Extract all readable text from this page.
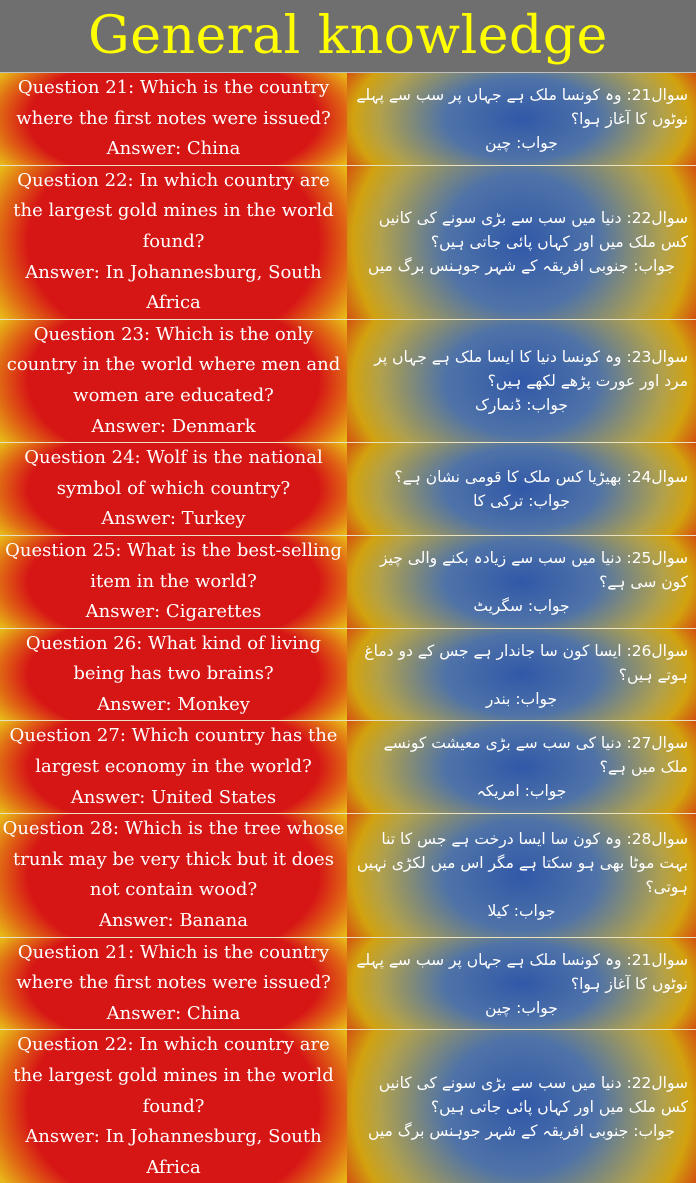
General knowledge
Question 21: Which is the country where the first notes were issued?
Answer: China
سوال21: وہ کونسا ملک ہے جہاں پر سب سے پہلے نوٹوں کا آغاز ہوا؟
جواب: چین
Question 22: In which country are the largest gold mines in the world found?
Answer: In Johannesburg, South Africa
سوال22: دنیا میں سب سے بڑی سونے کی کانیں کس ملک میں اور کہاں پائی جاتی ہیں؟
جواب: جنوبی افریقہ کے شہر جوہنس برگ میں
Question 23: Which is the only country in the world where men and women are educated?
Answer: Denmark
سوال23: وہ کونسا دنیا کا ایسا ملک ہے جہاں پر مرد اور عورت پڑھے لکھے ہیں؟
جواب: ڈنمارک
Question 24: Wolf is the national symbol of which country?
Answer: Turkey
سوال24: بھیڑیا کس ملک کا قومی نشان ہے؟
جواب: ترکی کا
Question 25: What is the best-selling item in the world?
Answer: Cigarettes
سوال25: دنیا میں سب سے زیادہ بکنے والی چیز کون سی ہے؟
جواب: سگریٹ
Question 26: What kind of living being has two brains?
Answer: Monkey
سوال26: ایسا کون سا جاندار ہے جس کے دو دماغ ہوتے ہیں؟
جواب: بندر
Question 27: Which country has the largest economy in the world?
Answer: United States
سوال27: دنیا کی سب سے بڑی معیشت کونسے ملک میں ہے؟
جواب: امریکہ
Question 28: Which is the tree whose trunk may be very thick but it does not contain wood?
Answer: Banana
سوال28: وہ کون سا ایسا درخت ہے جس کا تنا بہت موٹا بھی ہو سکتا ہے مگر اس میں لکڑی نہیں ہوتی؟
جواب: کیلا
Question 21: Which is the country where the first notes were issued?
Answer: China
سوال21: وہ کونسا ملک ہے جہاں پر سب سے پہلے نوٹوں کا آغاز ہوا؟
جواب: چین
Question 22: In which country are the largest gold mines in the world found?
Answer: In Johannesburg, South Africa
سوال22: دنیا میں سب سے بڑی سونے کی کانیں کس ملک میں اور کہاں پائی جاتی ہیں؟
جواب: جنوبی افریقہ کے شہر جوہنس برگ میں
